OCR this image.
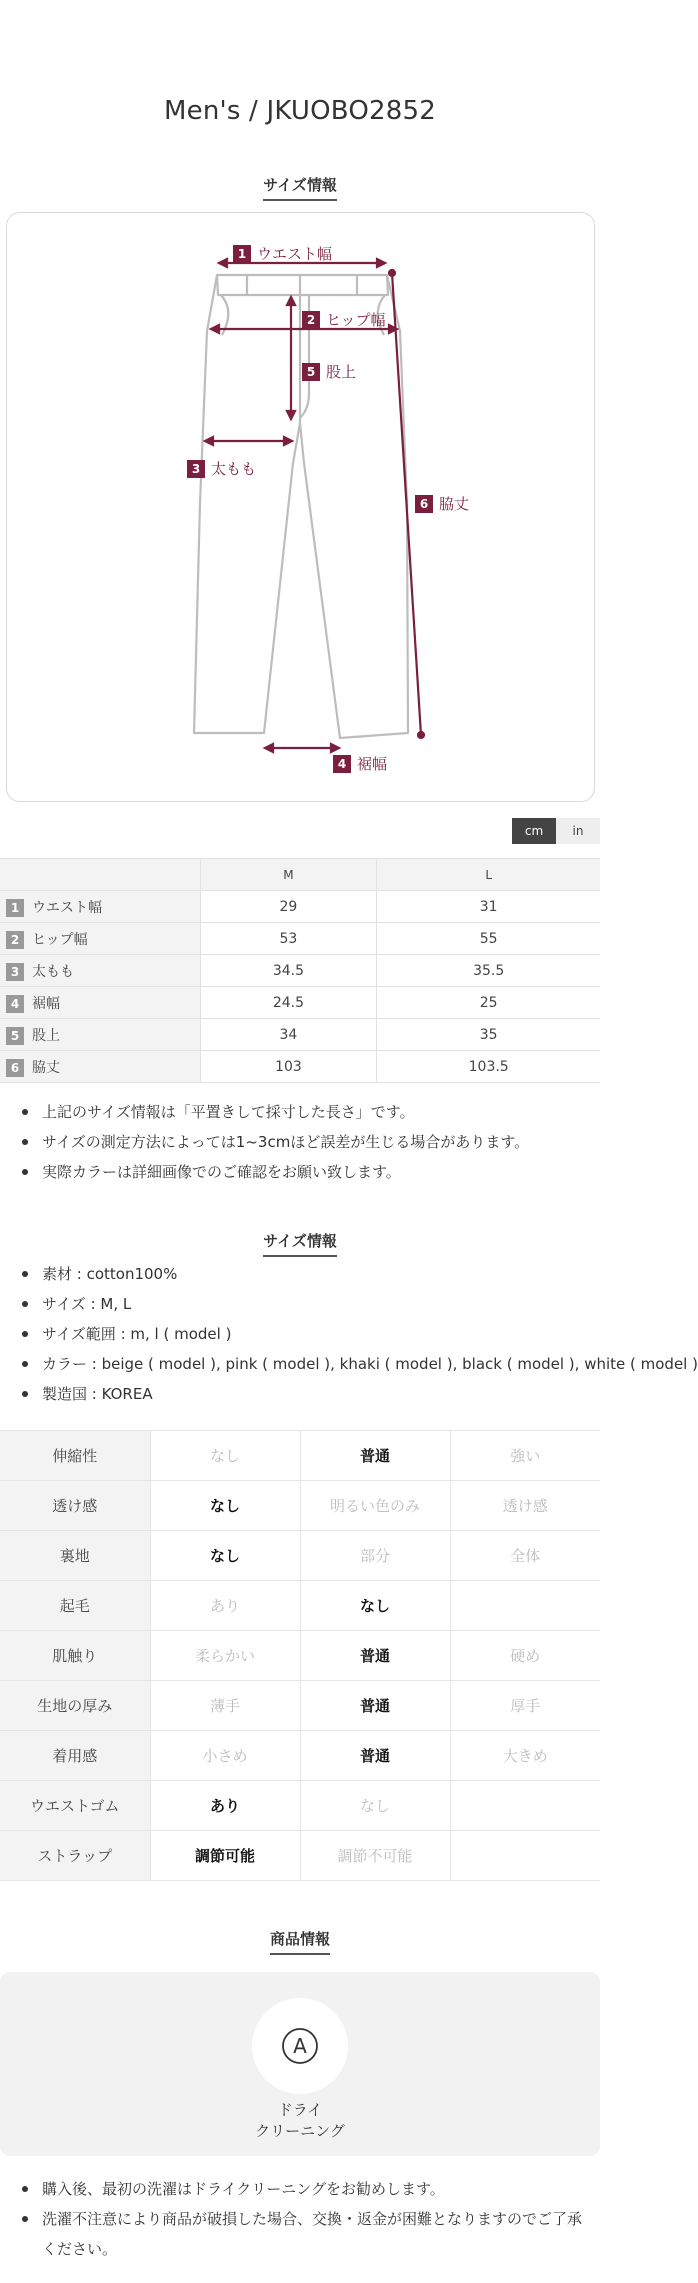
Men's / JKUOBO2852
サイズ情報
1 ウエスト幅
2 ヒップ幅
5 股上
3 太もも
6 脇丈
4 裾幅
cm	in
	M	L
1 ウエスト幅	29	31
2 ヒップ幅	53	55
3 太もも	34.5	35.5
4 裾幅	24.5	25
5 股上	34	35
6 脇丈	103	103.5
上記のサイズ情報は「平置きして採寸した長さ」です。
サイズの測定方法によっては1~3cmほど誤差が生じる場合があります。
実際カラーは詳細画像でのご確認をお願い致します。
サイズ情報
素材 : cotton100%
サイズ : M, L
サイズ範囲 : m, l ( model )
カラー : beige ( model ), pink ( model ), khaki ( model ), black ( model ), white ( model )
製造国 : KOREA
伸縮性	なし	普通	強い
透け感	なし	明るい色のみ	透け感
裏地	なし	部分	全体
起毛	あり	なし	
肌触り	柔らかい	普通	硬め
生地の厚み	薄手	普通	厚手
着用感	小さめ	普通	大きめ
ウエストゴム	あり	なし	
ストラップ	調節可能	調節不可能	
商品情報
A
ドライ
クリーニング
購入後、最初の洗濯はドライクリーニングをお勧めします。
洗濯不注意により商品が破損した場合、交換・返金が困難となりますのでご了承ください。
